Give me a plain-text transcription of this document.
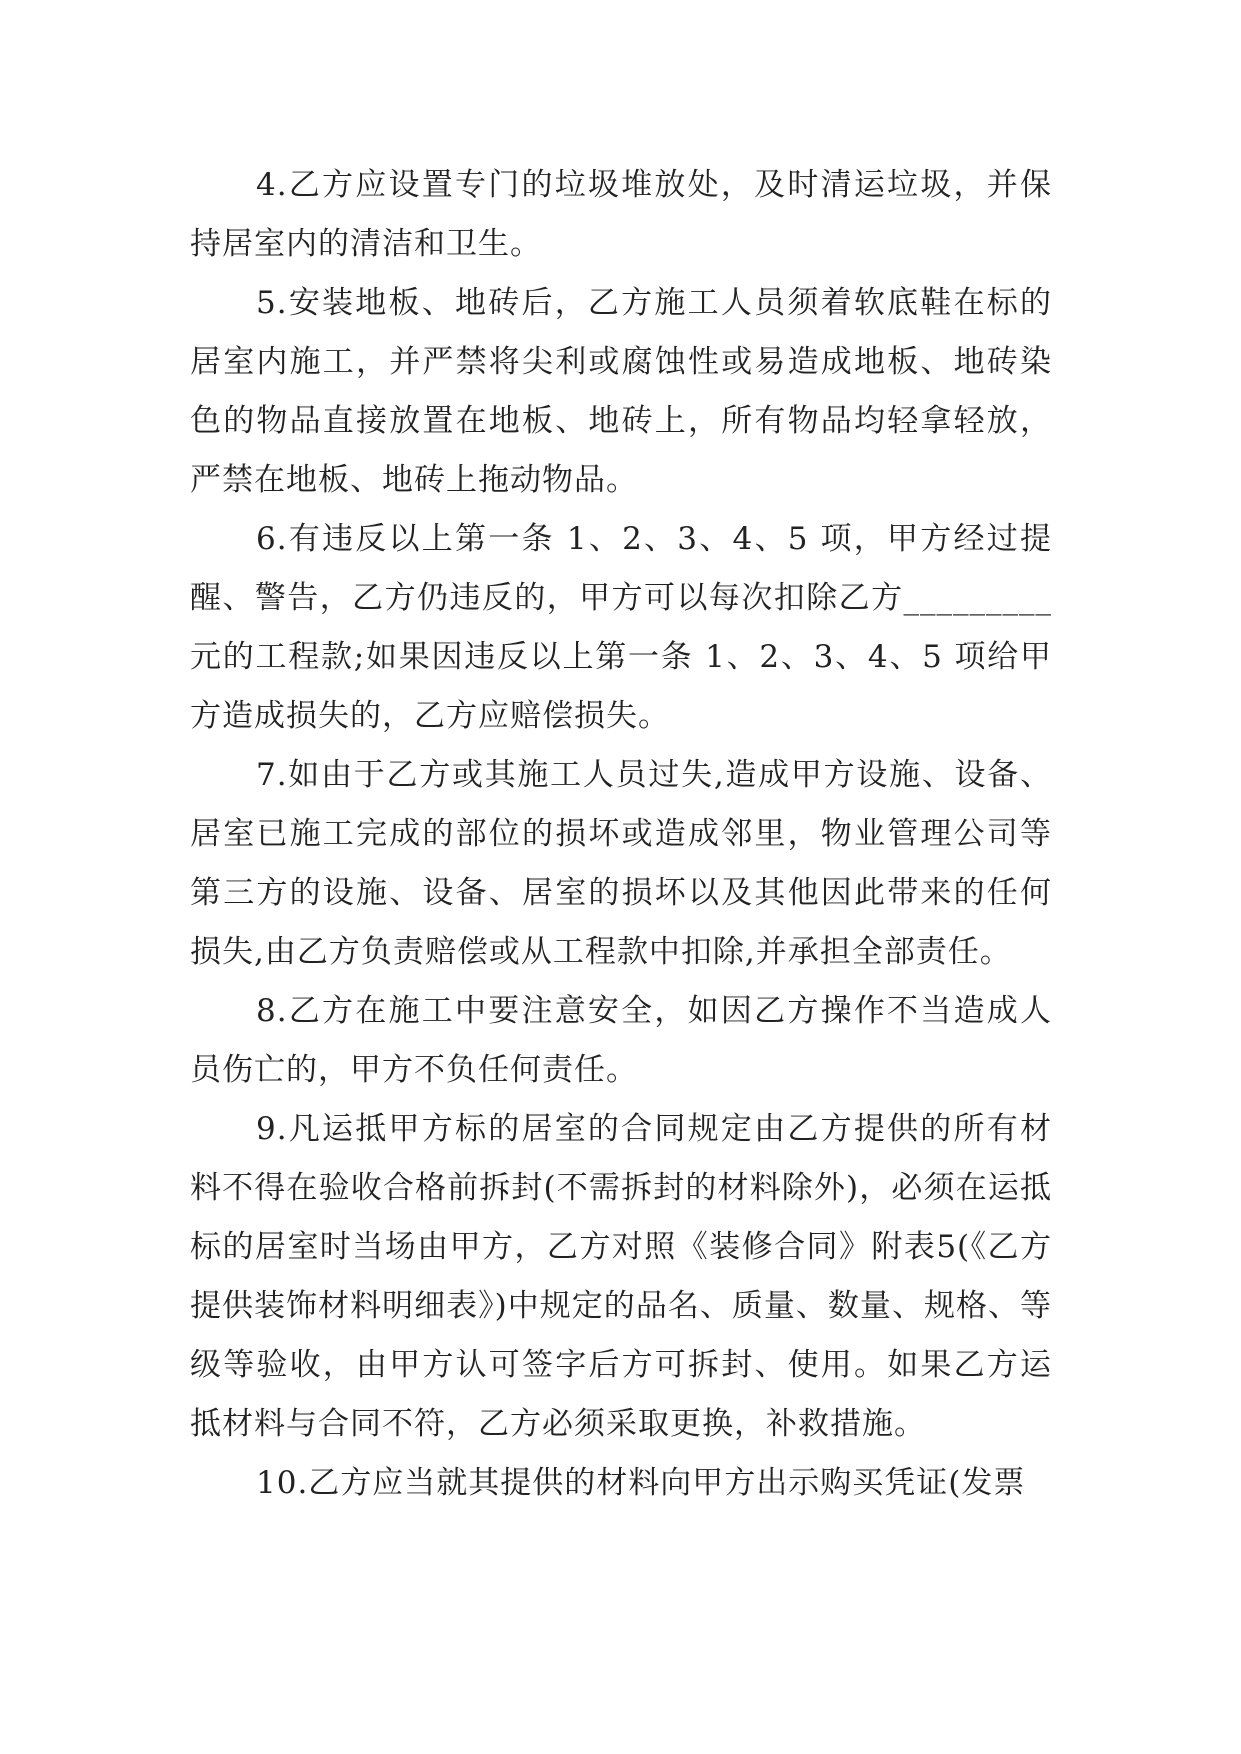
4.乙方应设置专门的垃圾堆放处，及时清运垃圾，并保持居室内的清洁和卫生。

5.安装地板、地砖后，乙方施工人员须着软底鞋在标的居室内施工，并严禁将尖利或腐蚀性或易造成地板、地砖染色的物品直接放置在地板、地砖上，所有物品均轻拿轻放，严禁在地板、地砖上拖动物品。

6.有违反以上第一条 1、2、3、4、5 项，甲方经过提醒、警告，乙方仍违反的，甲方可以每次扣除乙方_________元的工程款;如果因违反以上第一条 1、2、3、4、5 项给甲方造成损失的，乙方应赔偿损失。

7.如由于乙方或其施工人员过失,造成甲方设施、设备、居室已施工完成的部位的损坏或造成邻里，物业管理公司等第三方的设施、设备、居室的损坏以及其他因此带来的任何损失,由乙方负责赔偿或从工程款中扣除,并承担全部责任。

8.乙方在施工中要注意安全，如因乙方操作不当造成人员伤亡的，甲方不负任何责任。

9.凡运抵甲方标的居室的合同规定由乙方提供的所有材料不得在验收合格前拆封(不需拆封的材料除外)，必须在运抵标的居室时当场由甲方，乙方对照《装修合同》附表5(《乙方提供装饰材料明细表》)中规定的品名、质量、数量、规格、等级等验收，由甲方认可签字后方可拆封、使用。如果乙方运抵材料与合同不符，乙方必须采取更换，补救措施。

10.乙方应当就其提供的材料向甲方出示购买凭证(发票
